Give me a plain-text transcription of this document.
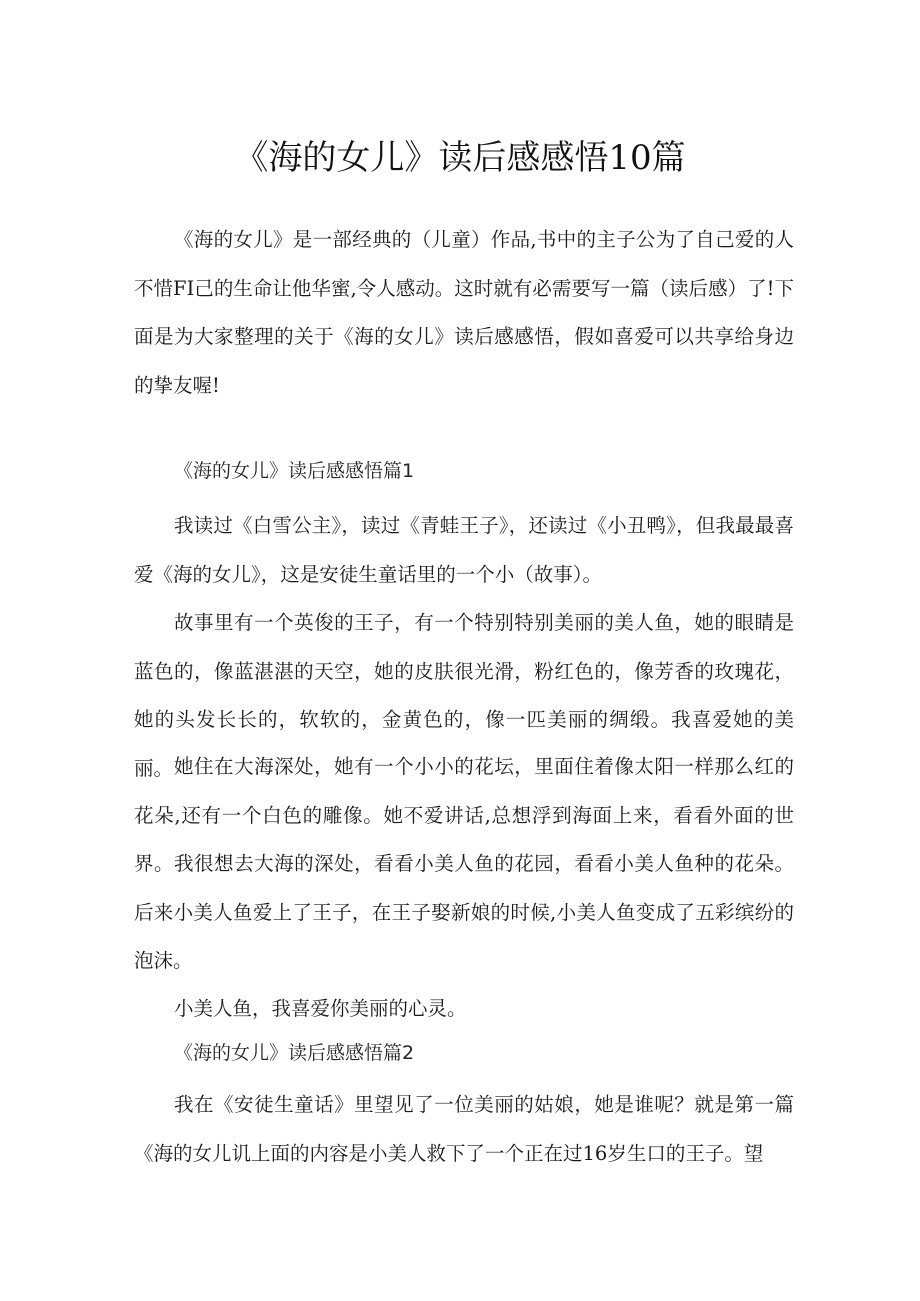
《海的女儿》读后感感悟10篇

《海的女儿》是一部经典的（儿童）作品,书中的主子公为了自己爱的人不惜FI己的生命让他华蜜,令人感动。这时就有必需要写一篇（读后感）了!下面是为大家整理的关于《海的女儿》读后感感悟，假如喜爱可以共享给身边的挚友喔!

《海的女儿》读后感感悟篇1

我读过《白雪公主》，读过《青蛙王子》，还读过《小丑鸭》，但我最最喜爱《海的女儿》，这是安徒生童话里的一个小（故事）。

故事里有一个英俊的王子，有一个特别特别美丽的美人鱼，她的眼睛是蓝色的，像蓝湛湛的天空，她的皮肤很光滑，粉红色的，像芳香的玫瑰花，她的头发长长的，软软的，金黄色的，像一匹美丽的绸缎。我喜爱她的美丽。 她住在大海深处，她有一个小小的花坛，里面住着像太阳一样那么红的花朵,还有一个白色的雕像。她不爱讲话,总想浮到海面上来，看看外面的世界。我很想去大海的深处，看看小美人鱼的花园，看看小美人鱼种的花朵。后来小美人鱼爱上了王子，在王子娶新娘的时候,小美人鱼变成了五彩缤纷的泡沫。

小美人鱼，我喜爱你美丽的心灵。

《海的女儿》读后感感悟篇2

我在《安徒生童话》里望见了一位美丽的姑娘，她是谁呢？就是第一篇《海的女儿讥上面的内容是小美人救下了一个正在过16岁生口的王子。望
